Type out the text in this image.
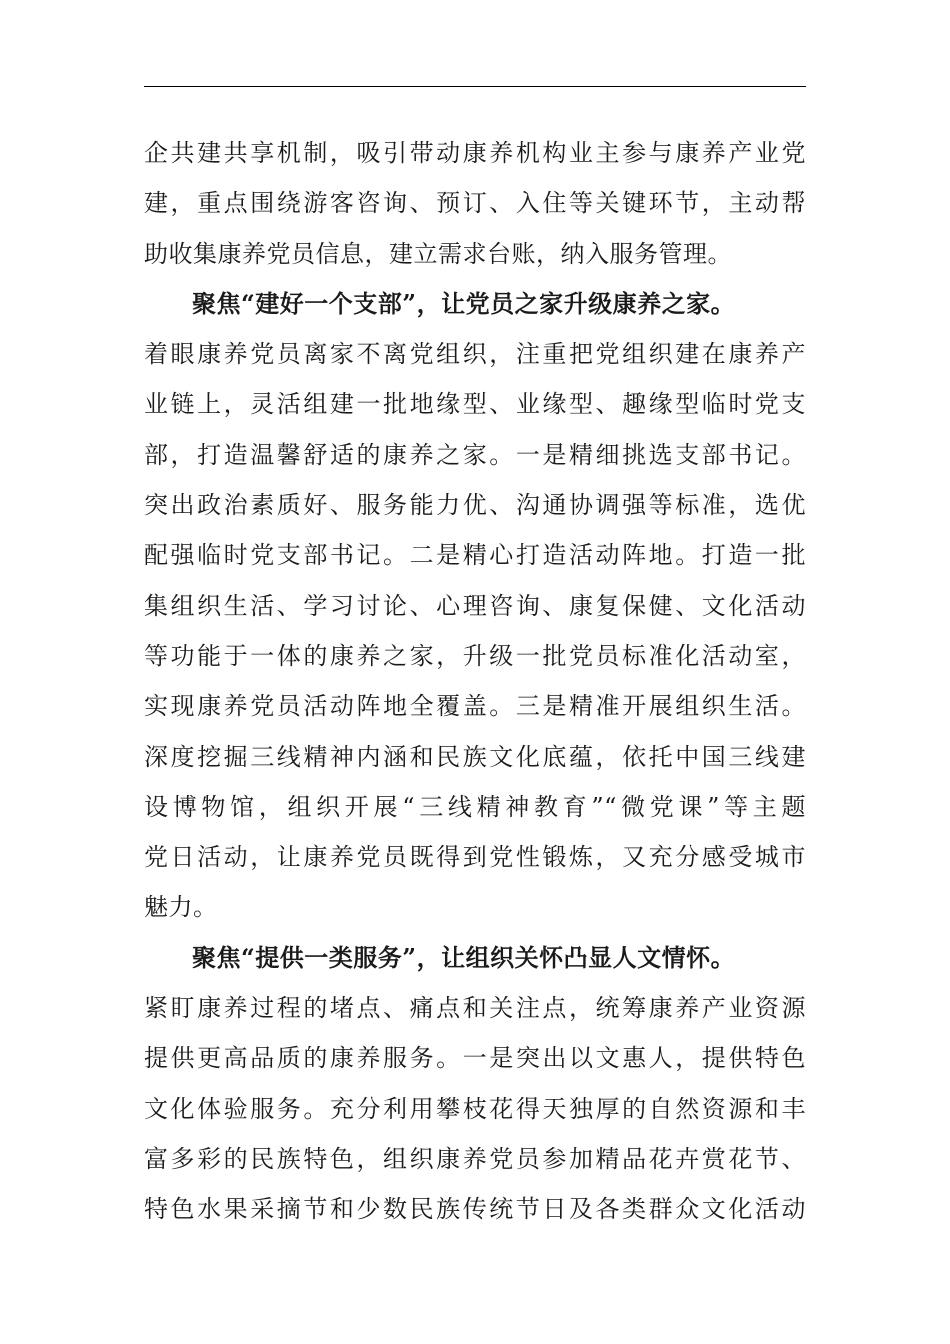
企共建共享机制，吸引带动康养机构业主参与康养产业党
建，重点围绕游客咨询、预订、入住等关键环节，主动帮
助收集康养党员信息，建立需求台账，纳入服务管理。
聚焦“建好一个支部”，让党员之家升级康养之家。
着眼康养党员离家不离党组织，注重把党组织建在康养产
业链上，灵活组建一批地缘型、业缘型、趣缘型临时党支
部，打造温馨舒适的康养之家。一是精细挑选支部书记。
突出政治素质好、服务能力优、沟通协调强等标准，选优
配强临时党支部书记。二是精心打造活动阵地。打造一批
集组织生活、学习讨论、心理咨询、康复保健、文化活动
等功能于一体的康养之家，升级一批党员标准化活动室，
实现康养党员活动阵地全覆盖。三是精准开展组织生活。
深度挖掘三线精神内涵和民族文化底蕴，依托中国三线建
设博物馆，组织开展“三线精神教育”“微党课”等主题
党日活动，让康养党员既得到党性锻炼，又充分感受城市
魅力。
聚焦“提供一类服务”，让组织关怀凸显人文情怀。
紧盯康养过程的堵点、痛点和关注点，统筹康养产业资源
提供更高品质的康养服务。一是突出以文惠人，提供特色
文化体验服务。充分利用攀枝花得天独厚的自然资源和丰
富多彩的民族特色，组织康养党员参加精品花卉赏花节、
特色水果采摘节和少数民族传统节日及各类群众文化活动
